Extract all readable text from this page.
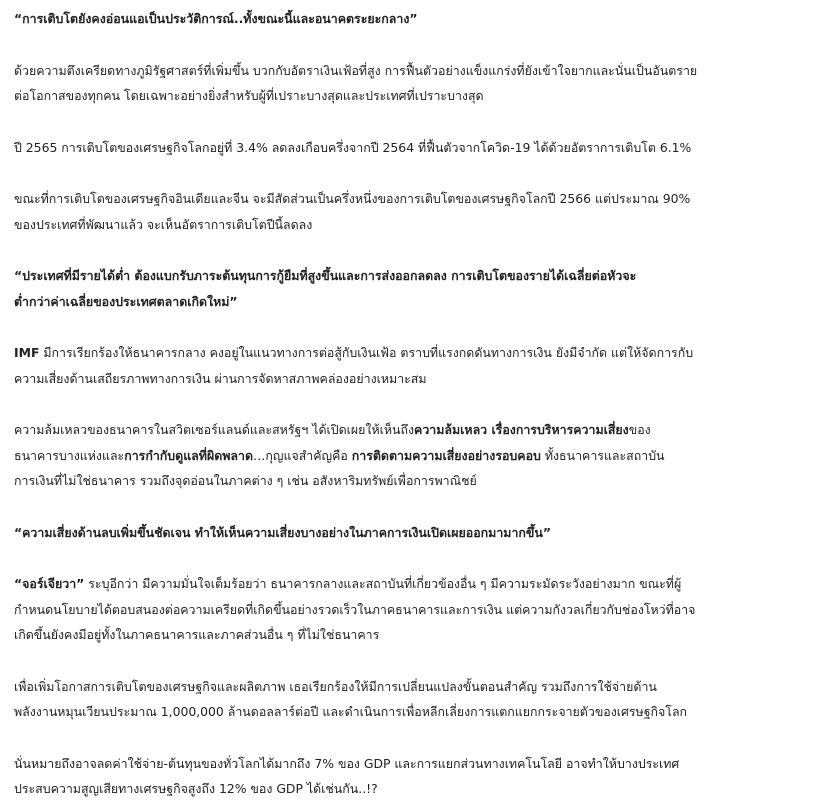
“การเติบโตยังคงอ่อนแอเป็นประวัติการณ์..ทั้งขณะนี้และอนาคตระยะกลาง”

ด้วยความตึงเครียดทางภูมิรัฐศาสตร์ที่เพิ่มขึ้น บวกกับอัตราเงินเฟ้อที่สูง การฟื้นตัวอย่างแข็งแกร่งที่ยังเข้าใจยากและนั่นเป็นอันตราย
ต่อโอกาสของทุกคน โดยเฉพาะอย่างยิ่งสำหรับผู้ที่เปราะบางสุดและประเทศที่เปราะบางสุด

ปี 2565 การเติบโตของเศรษฐกิจโลกอยู่ที่ 3.4% ลดลงเกือบครึ่งจากปี 2564 ที่ฟื้นตัวจากโควิด-19 ได้ด้วยอัตราการเติบโต 6.1%

ขณะที่การเติบโตของเศรษฐกิจอินเดียและจีน จะมีสัดส่วนเป็นครึ่งหนึ่งของการเติบโตของเศรษฐกิจโลกปี 2566 แต่ประมาณ 90%
ของประเทศที่พัฒนาแล้ว จะเห็นอัตราการเติบโตปีนี้ลดลง

“ประเทศที่มีรายได้ต่ำ ต้องแบกรับภาระต้นทุนการกู้ยืมที่สูงขึ้นและการส่งออกลดลง การเติบโตของรายได้เฉลี่ยต่อหัวจะ
ต่ำกว่าค่าเฉลี่ยของประเทศตลาดเกิดใหม่”

IMF มีการเรียกร้องให้ธนาคารกลาง คงอยู่ในแนวทางการต่อสู้กับเงินเฟ้อ ตราบที่แรงกดดันทางการเงิน ยังมีจำกัด แต่ให้จัดการกับ
ความเสี่ยงด้านเสถียรภาพทางการเงิน ผ่านการจัดหาสภาพคล่องอย่างเหมาะสม

ความล้มเหลวของธนาคารในสวิตเซอร์แลนด์และสหรัฐฯ ได้เปิดเผยให้เห็นถึงความล้มเหลว เรื่องการบริหารความเสี่ยงของ
ธนาคารบางแห่งและการกำกับดูแลที่ผิดพลาด…กุญแจสำคัญคือ การติดตามความเสี่ยงอย่างรอบคอบ ทั้งธนาคารและสถาบัน
การเงินที่ไม่ใช่ธนาคาร รวมถึงจุดอ่อนในภาคต่าง ๆ เช่น อสังหาริมทรัพย์เพื่อการพาณิชย์

“ความเสี่ยงด้านลบเพิ่มขึ้นชัดเจน ทำให้เห็นความเสี่ยงบางอย่างในภาคการเงินเปิดเผยออกมามากขึ้น”

“จอร์เจียวา” ระบุอีกว่า มีความมั่นใจเต็มร้อยว่า ธนาคารกลางและสถาบันที่เกี่ยวข้องอื่น ๆ มีความระมัดระวังอย่างมาก ขณะที่ผู้
กำหนดนโยบายได้ตอบสนองต่อความเครียดที่เกิดขึ้นอย่างรวดเร็วในภาคธนาคารและการเงิน แต่ความกังวลเกี่ยวกับช่องโหว่ที่อาจ
เกิดขึ้นยังคงมีอยู่ทั้งในภาคธนาคารและภาคส่วนอื่น ๆ ที่ไม่ใช่ธนาคาร

เพื่อเพิ่มโอกาสการเติบโตของเศรษฐกิจและผลิตภาพ เธอเรียกร้องให้มีการเปลี่ยนแปลงขั้นตอนสำคัญ รวมถึงการใช้จ่ายด้าน
พลังงานหมุนเวียนประมาณ 1,000,000 ล้านดอลลาร์ต่อปี และดำเนินการเพื่อหลีกเลี่ยงการแตกแยกกระจายตัวของเศรษฐกิจโลก

นั่นหมายถึงอาจลดค่าใช้จ่าย-ต้นทุนของทั่วโลกได้มากถึง 7% ของ GDP และการแยกส่วนทางเทคโนโลยี อาจทำให้บางประเทศ
ประสบความสูญเสียทางเศรษฐกิจสูงถึง 12% ของ GDP ได้เช่นกัน..!?
